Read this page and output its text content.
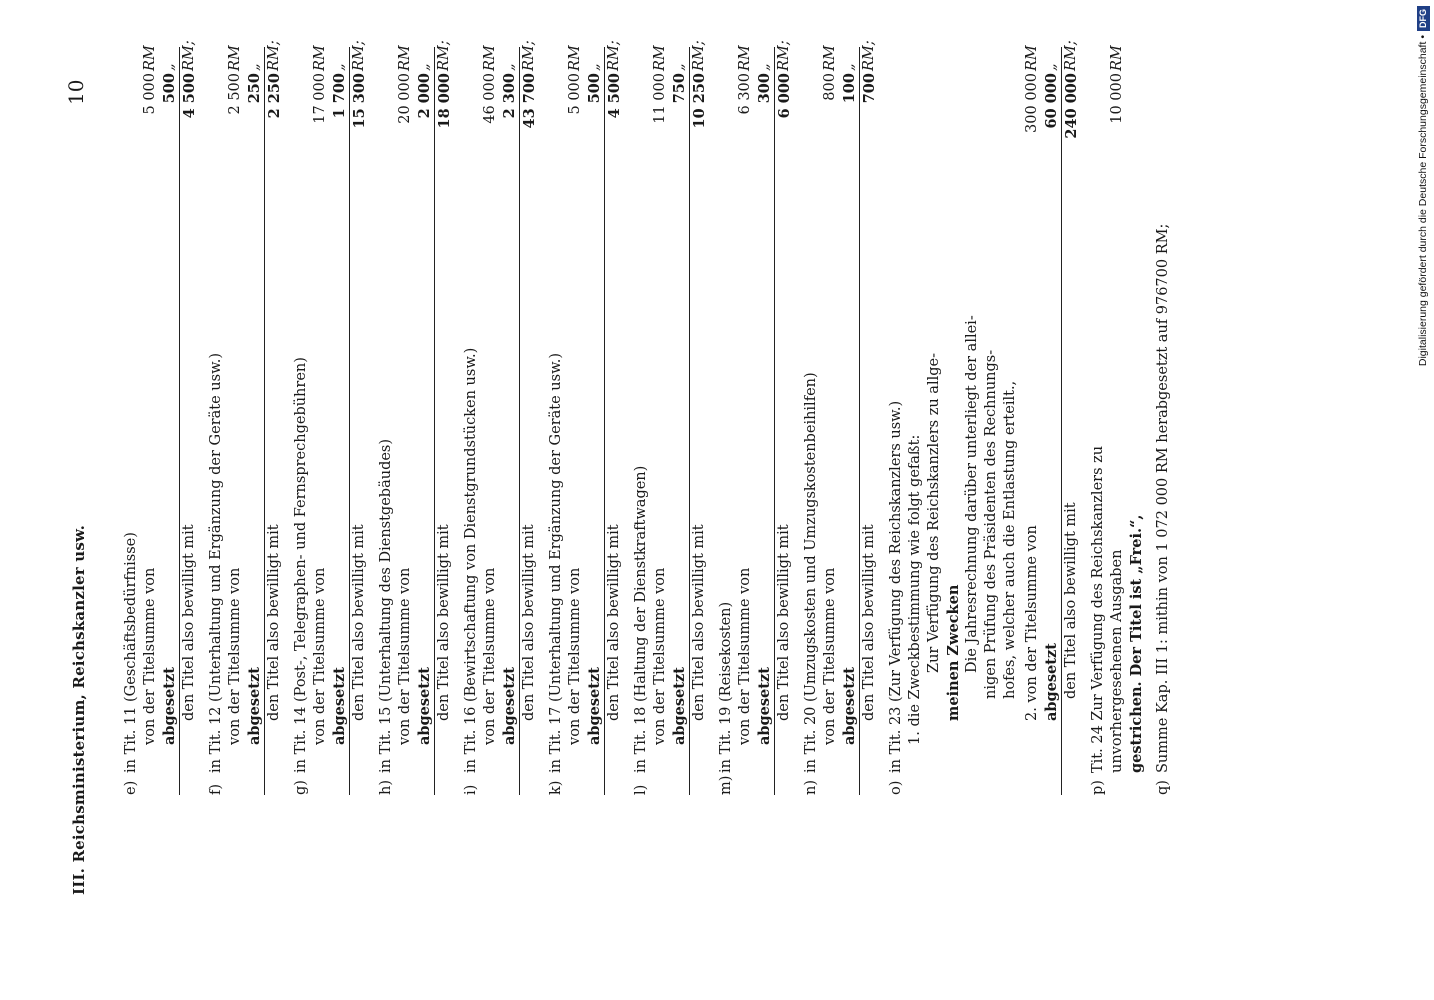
III. Reichsministerium, Reichskanzler usw.
10
e)
in Tit. 11 (Geschäftsbedürfnisse) von der Titelsumme von
5 000
RM
abgesetzt
500
„
den Titel also bewilligt mit
4 500
RM;
f)
in Tit. 12 (Unterhaltung und Ergänzung der Geräte usw.) von der Titelsumme von
2 500
RM
abgesetzt
250
„
den Titel also bewilligt mit
2 250
RM;
g)
in Tit. 14 (Post-, Telegraphen- und Fernsprechgebühren) von der Titelsumme von
17 000
RM
abgesetzt
1 700
„
den Titel also bewilligt mit
15 300
RM;
h)
in Tit. 15 (Unterhaltung des Dienstgebäudes) von der Titelsumme von
20 000
RM
abgesetzt
2 000
„
den Titel also bewilligt mit
18 000
RM;
i)
in Tit. 16 (Bewirtschaftung von Dienstgrundstücken usw.) von der Titelsumme von
46 000
RM
abgesetzt
2 300
„
den Titel also bewilligt mit
43 700
RM;
k)
in Tit. 17 (Unterhaltung und Ergänzung der Geräte usw.) von der Titelsumme von
5 000
RM
abgesetzt
500
„
den Titel also bewilligt mit
4 500
RM;
l)
in Tit. 18 (Haltung der Dienstkraftwagen) von der Titelsumme von
11 000
RM
abgesetzt
750
„
den Titel also bewilligt mit
10 250
RM;
m)
in Tit. 19 (Reisekosten) von der Titelsumme von
6 300
RM
abgesetzt
300
„
den Titel also bewilligt mit
6 000
RM;
n)
in Tit. 20 (Umzugskosten und Umzugskostenbeihilfen) von der Titelsumme von
800
RM
abgesetzt
100
„
den Titel also bewilligt mit
700
RM;
o)
in Tit. 23 (Zur Verfügung des Reichskanzlers usw.) 1. die Zweckbestimmung wie folgt gefaßt: Zur Verfügung des Reichskanzlers zu allge- meinen Zwecken Die Jahresrechnung darüber unterliegt der allei- nigen Prüfung des Präsidenten des Rechnungs- hofes, welcher auch die Entlastung erteilt., 2. von der Titelsumme von
300 000
RM
abgesetzt
60 000
„
den Titel also bewilligt mit
240 000
RM;
p)
Tit. 24 Zur Verfügung des Reichskanzlers zu unvorhergesehenen Ausgaben
10 000
RM
gestrichen. Der Titel ist „Frei.“,
q)
Summe Kap. III 1: mithin von 1 072 000 RM herabgesetzt auf 976700 RM;
Digitalisierung gefördert durch die Deutsche Forschungsgemeinschaft •DFG
